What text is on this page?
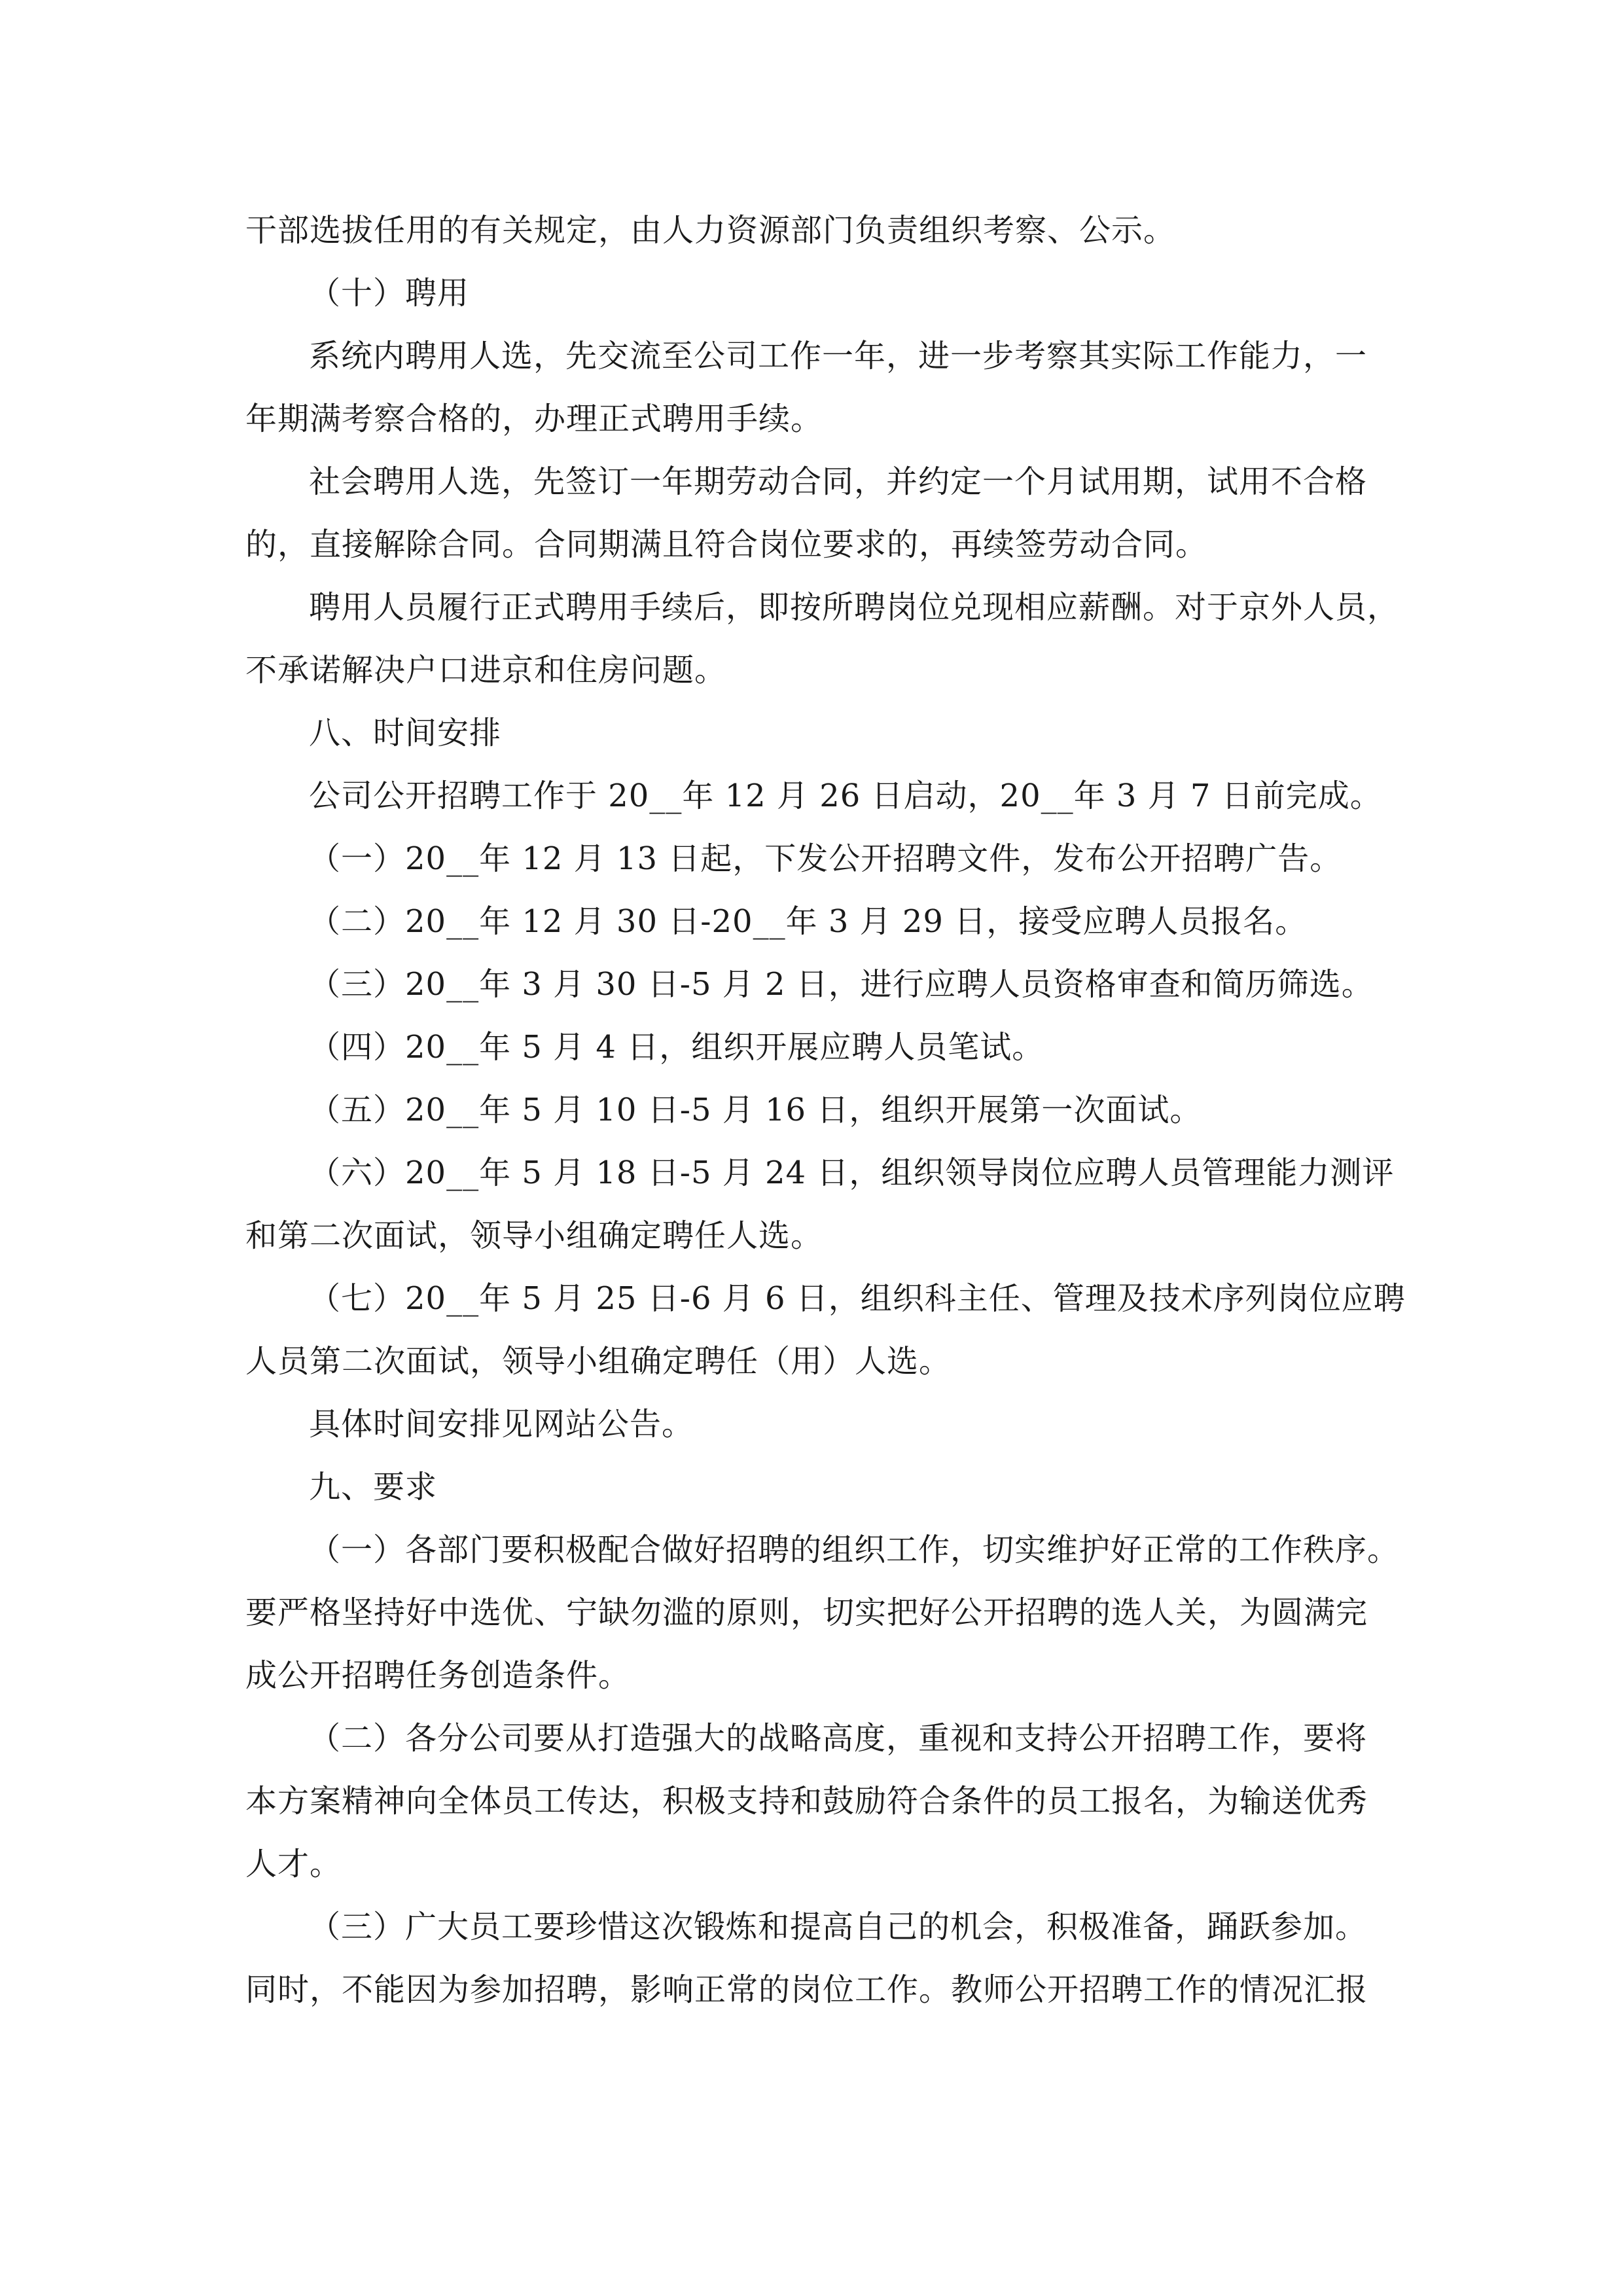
干部选拔任用的有关规定，由人力资源部门负责组织考察、公示。
（十）聘用
系统内聘用人选，先交流至公司工作一年，进一步考察其实际工作能力，一
年期满考察合格的，办理正式聘用手续。
社会聘用人选，先签订一年期劳动合同，并约定一个月试用期，试用不合格
的，直接解除合同。合同期满且符合岗位要求的，再续签劳动合同。
聘用人员履行正式聘用手续后，即按所聘岗位兑现相应薪酬。对于京外人员，
不承诺解决户口进京和住房问题。
八、时间安排
公司公开招聘工作于 20__年 12 月 26 日启动，20__年 3 月 7 日前完成。
（一）20__年 12 月 13 日起，下发公开招聘文件，发布公开招聘广告。
（二）20__年 12 月 30 日-20__年 3 月 29 日，接受应聘人员报名。
（三）20__年 3 月 30 日-5 月 2 日，进行应聘人员资格审查和简历筛选。
（四）20__年 5 月 4 日，组织开展应聘人员笔试。
（五）20__年 5 月 10 日-5 月 16 日，组织开展第一次面试。
（六）20__年 5 月 18 日-5 月 24 日，组织领导岗位应聘人员管理能力测评
和第二次面试，领导小组确定聘任人选。
（七）20__年 5 月 25 日-6 月 6 日，组织科主任、管理及技术序列岗位应聘
人员第二次面试，领导小组确定聘任（用）人选。
具体时间安排见网站公告。
九、要求
（一）各部门要积极配合做好招聘的组织工作，切实维护好正常的工作秩序。
要严格坚持好中选优、宁缺勿滥的原则，切实把好公开招聘的选人关，为圆满完
成公开招聘任务创造条件。
（二）各分公司要从打造强大的战略高度，重视和支持公开招聘工作，要将
本方案精神向全体员工传达，积极支持和鼓励符合条件的员工报名，为输送优秀
人才。
（三）广大员工要珍惜这次锻炼和提高自己的机会，积极准备，踊跃参加。
同时，不能因为参加招聘，影响正常的岗位工作。教师公开招聘工作的情况汇报
